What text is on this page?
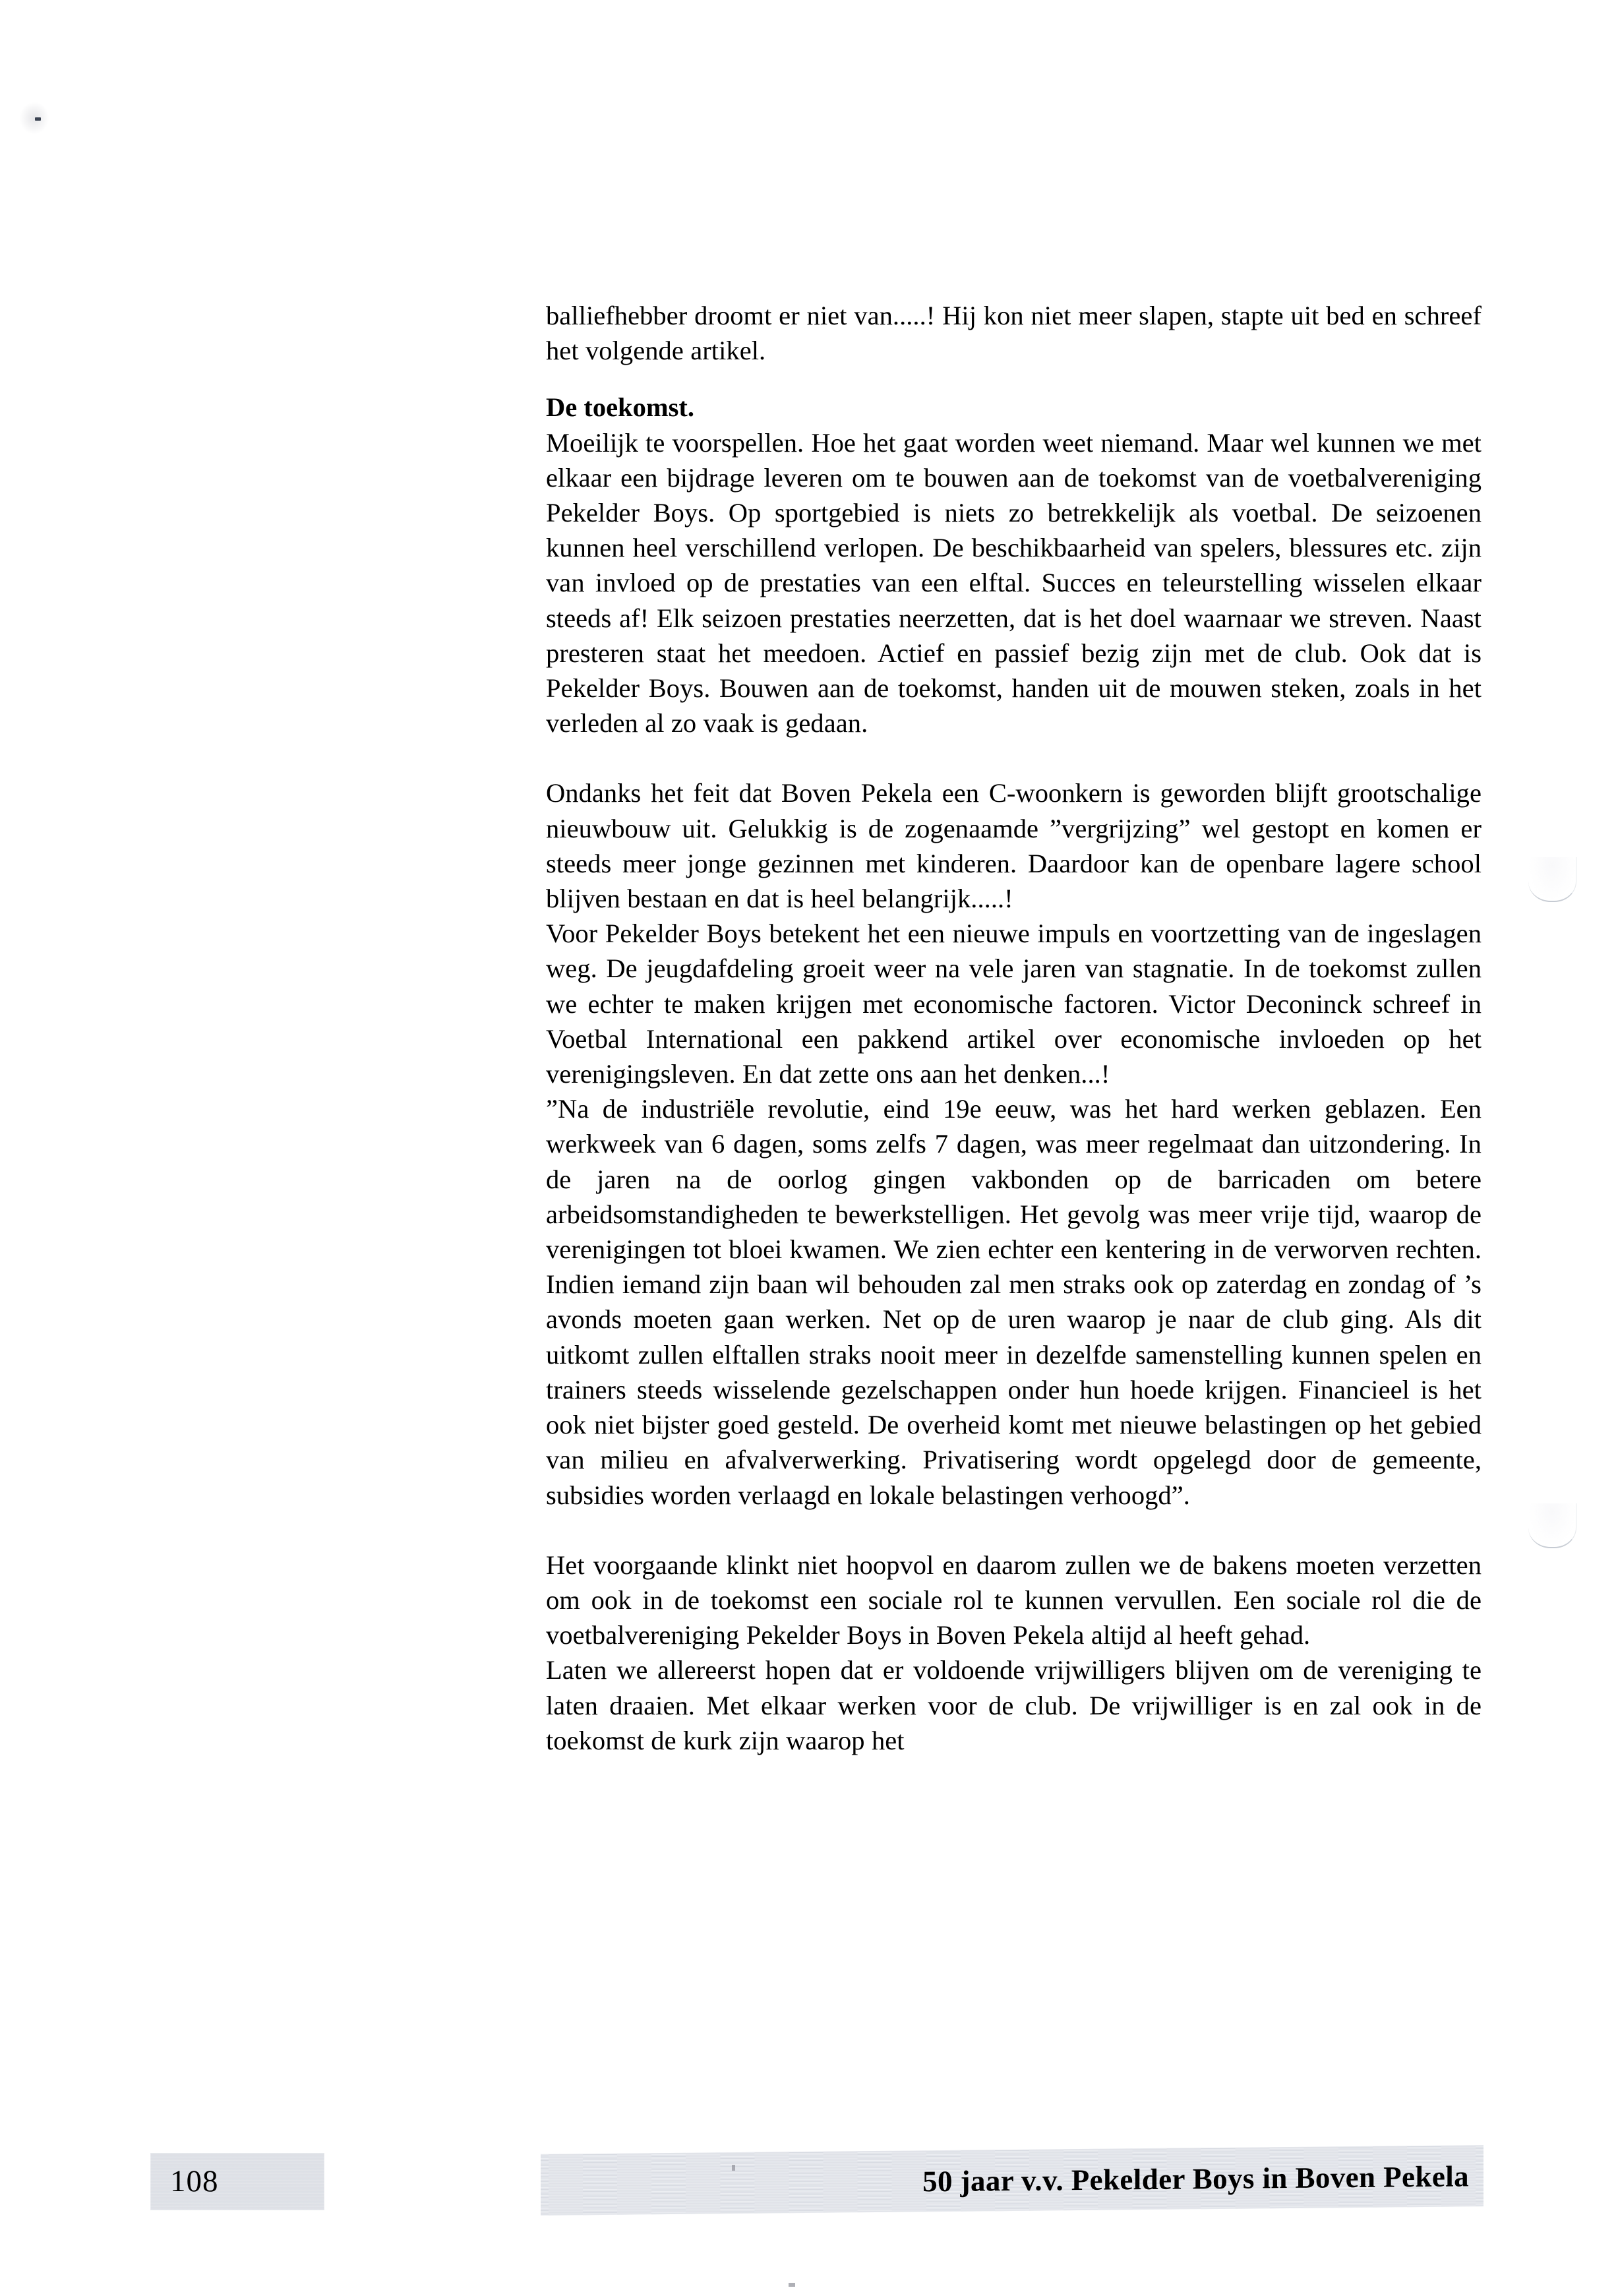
balliefhebber droomt er niet van.....! Hij kon niet meer slapen, stapte uit bed en schreef het volgende artikel.

De toekomst.

Moeilijk te voorspellen. Hoe het gaat worden weet niemand. Maar wel kunnen we met elkaar een bijdrage leveren om te bouwen aan de toekomst van de voetbalvereniging Pekelder Boys. Op sportgebied is niets zo betrekkelijk als voetbal. De seizoenen kunnen heel verschillend verlopen. De beschikbaarheid van spelers, blessures etc. zijn van invloed op de prestaties van een elftal. Succes en teleurstelling wisselen elkaar steeds af! Elk seizoen prestaties neerzetten, dat is het doel waarnaar we streven. Naast presteren staat het meedoen. Actief en passief bezig zijn met de club. Ook dat is Pekelder Boys. Bouwen aan de toekomst, handen uit de mouwen steken, zoals in het verleden al zo vaak is gedaan.

Ondanks het feit dat Boven Pekela een C-woonkern is geworden blijft grootschalige nieuwbouw uit. Gelukkig is de zogenaamde ”vergrijzing” wel gestopt en komen er steeds meer jonge gezinnen met kinderen. Daardoor kan de openbare lagere school blijven bestaan en dat is heel belangrijk.....!

Voor Pekelder Boys betekent het een nieuwe impuls en voortzetting van de ingeslagen weg. De jeugdafdeling groeit weer na vele jaren van stagnatie. In de toekomst zullen we echter te maken krijgen met economische factoren. Victor Deconinck schreef in Voetbal International een pakkend artikel over economische invloeden op het verenigingsleven. En dat zette ons aan het denken...!

”Na de industriële revolutie, eind 19e eeuw, was het hard werken geblazen. Een werkweek van 6 dagen, soms zelfs 7 dagen, was meer regelmaat dan uitzondering. In de jaren na de oorlog gingen vakbonden op de barricaden om betere arbeidsomstandigheden te bewerkstelligen. Het gevolg was meer vrije tijd, waarop de verenigingen tot bloei kwamen. We zien echter een kentering in de verworven rechten. Indien iemand zijn baan wil behouden zal men straks ook op zaterdag en zondag of ’s avonds moeten gaan werken. Net op de uren waarop je naar de club ging. Als dit uitkomt zullen elftallen straks nooit meer in dezelfde samenstelling kunnen spelen en trainers steeds wisselende gezelschappen onder hun hoede krijgen. Financieel is het ook niet bijster goed gesteld. De overheid komt met nieuwe belastingen op het gebied van milieu en afvalverwerking. Privatisering wordt opgelegd door de gemeente, subsidies worden verlaagd en lokale belastingen verhoogd”.

Het voorgaande klinkt niet hoopvol en daarom zullen we de bakens moeten verzetten om ook in de toekomst een sociale rol te kunnen vervullen. Een sociale rol die de voetbalvereniging Pekelder Boys in Boven Pekela altijd al heeft gehad.

Laten we allereerst hopen dat er voldoende vrijwilligers blijven om de vereniging te laten draaien. Met elkaar werken voor de club. De vrijwilliger is en zal ook in de toekomst de kurk zijn waarop het

108	50 jaar v.v. Pekelder Boys in Boven Pekela
